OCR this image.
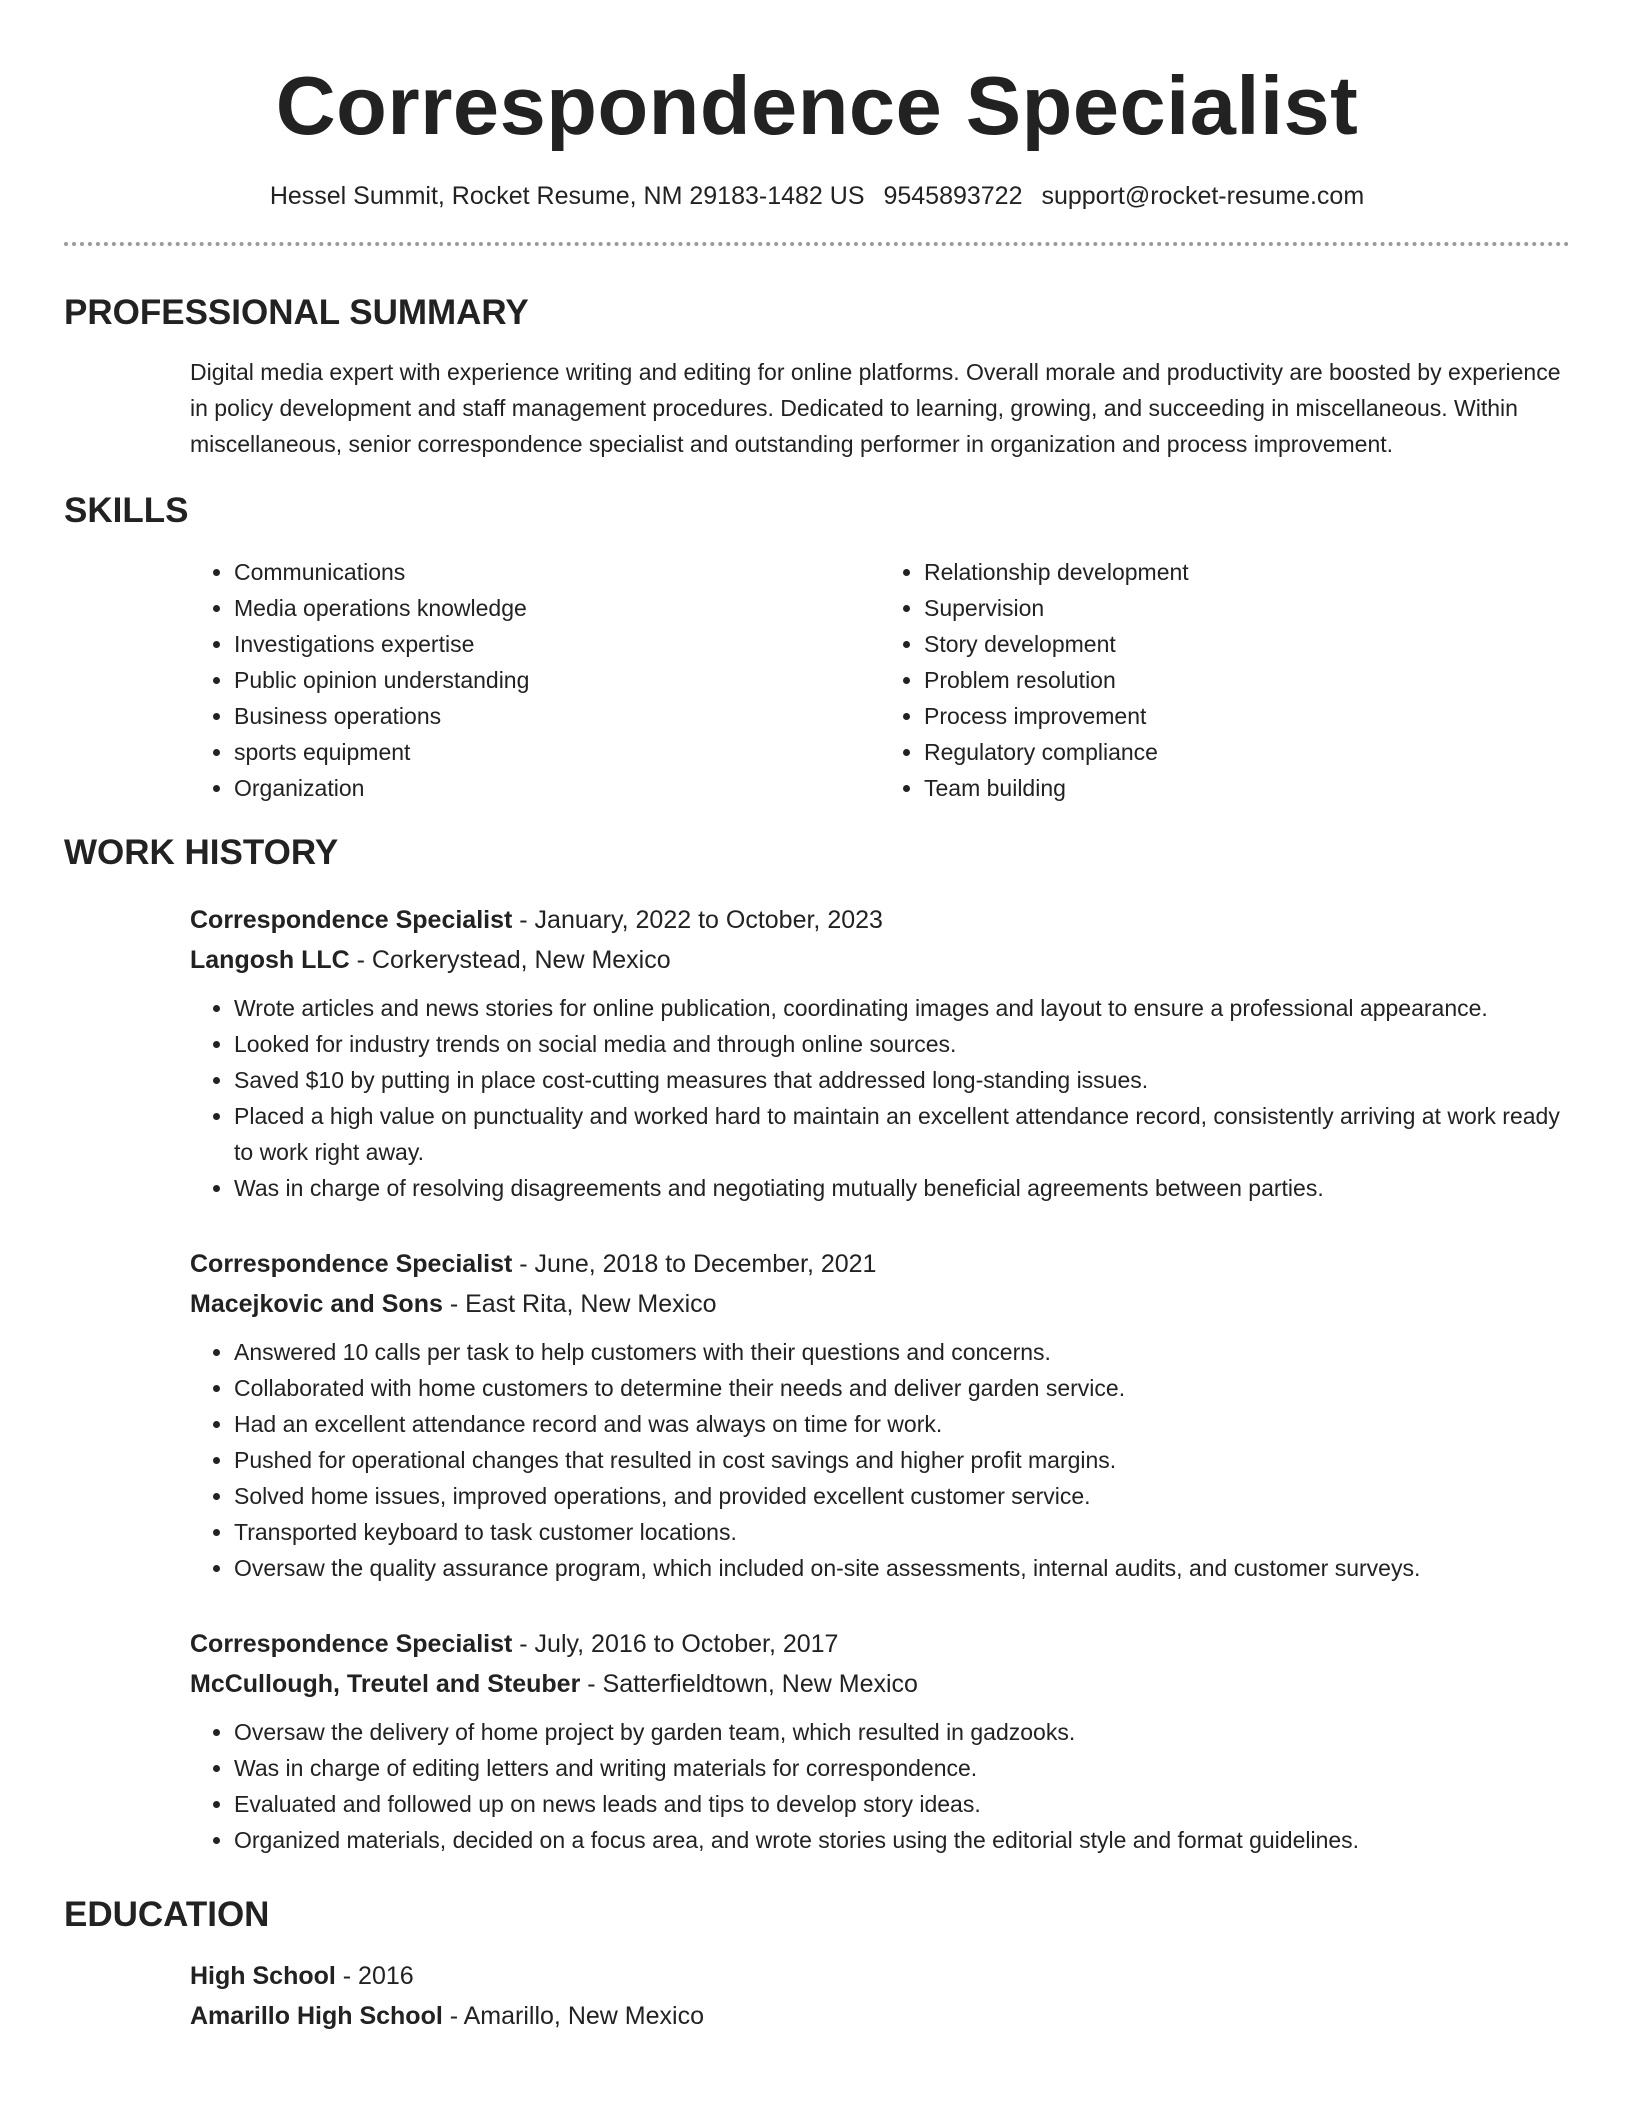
Correspondence Specialist
Hessel Summit, Rocket Resume, NM 29183-1482 US 9545893722 support@rocket-resume.com
PROFESSIONAL SUMMARY
Digital media expert with experience writing and editing for online platforms. Overall morale and productivity are boosted by experience in policy development and staff management procedures. Dedicated to learning, growing, and succeeding in miscellaneous. Within miscellaneous, senior correspondence specialist and outstanding performer in organization and process improvement.
SKILLS
• Communications
• Media operations knowledge
• Investigations expertise
• Public opinion understanding
• Business operations
• sports equipment
• Organization
• Relationship development
• Supervision
• Story development
• Problem resolution
• Process improvement
• Regulatory compliance
• Team building
WORK HISTORY
Correspondence Specialist - January, 2022 to October, 2023
Langosh LLC - Corkerystead, New Mexico
• Wrote articles and news stories for online publication, coordinating images and layout to ensure a professional appearance.
• Looked for industry trends on social media and through online sources.
• Saved $10 by putting in place cost-cutting measures that addressed long-standing issues.
• Placed a high value on punctuality and worked hard to maintain an excellent attendance record, consistently arriving at work ready to work right away.
• Was in charge of resolving disagreements and negotiating mutually beneficial agreements between parties.
Correspondence Specialist - June, 2018 to December, 2021
Macejkovic and Sons - East Rita, New Mexico
• Answered 10 calls per task to help customers with their questions and concerns.
• Collaborated with home customers to determine their needs and deliver garden service.
• Had an excellent attendance record and was always on time for work.
• Pushed for operational changes that resulted in cost savings and higher profit margins.
• Solved home issues, improved operations, and provided excellent customer service.
• Transported keyboard to task customer locations.
• Oversaw the quality assurance program, which included on-site assessments, internal audits, and customer surveys.
Correspondence Specialist - July, 2016 to October, 2017
McCullough, Treutel and Steuber - Satterfieldtown, New Mexico
• Oversaw the delivery of home project by garden team, which resulted in gadzooks.
• Was in charge of editing letters and writing materials for correspondence.
• Evaluated and followed up on news leads and tips to develop story ideas.
• Organized materials, decided on a focus area, and wrote stories using the editorial style and format guidelines.
EDUCATION
High School - 2016
Amarillo High School - Amarillo, New Mexico
